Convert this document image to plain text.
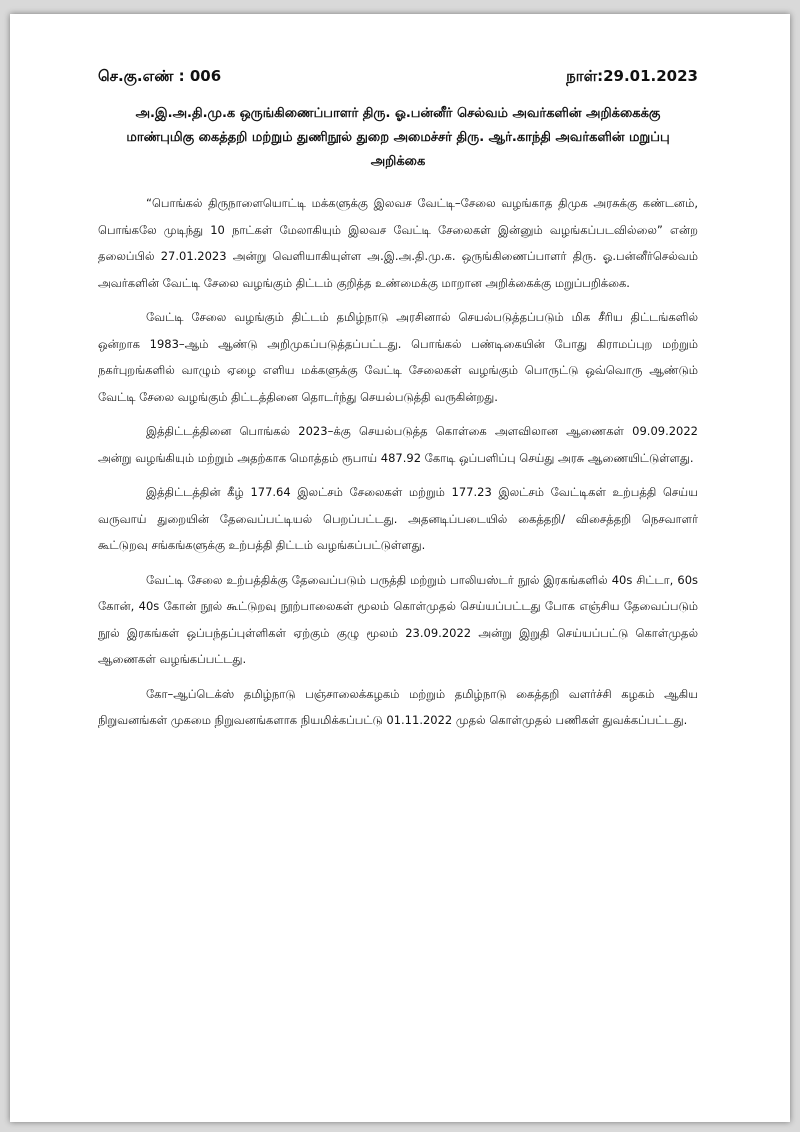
செ.கு.எண் : 006	நாள்:29.01.2023
அ.இ.அ.தி.மு.க ஒருங்கிணைப்பாளர் திரு. ஓ.பன்னீர் செல்வம் அவர்களின் அறிக்கைக்கு மாண்புமிகு கைத்தறி மற்றும் துணிநூல் துறை அமைச்சர் திரு. ஆர்.காந்தி அவர்களின் மறுப்பு அறிக்கை

“பொங்கல் திருநாளையொட்டி மக்களுக்கு இலவச வேட்டி–சேலை வழங்காத திமுக அரசுக்கு கண்டனம், பொங்கலே முடிந்து 10 நாட்கள் மேலாகியும் இலவச வேட்டி சேலைகள் இன்னும் வழங்கப்படவில்லை” என்ற தலைப்பில் 27.01.2023 அன்று வெளியாகியுள்ள அ.இ.அ.தி.மு.க. ஒருங்கிணைப்பாளர் திரு. ஓ.பன்னீர்செல்வம் அவர்களின் வேட்டி சேலை வழங்கும் திட்டம் குறித்த உண்மைக்கு மாறான அறிக்கைக்கு மறுப்பறிக்கை.

வேட்டி சேலை வழங்கும் திட்டம் தமிழ்நாடு அரசினால் செயல்படுத்தப்படும் மிக சீரிய திட்டங்களில் ஒன்றாக 1983–ஆம் ஆண்டு அறிமுகப்படுத்தப்பட்டது. பொங்கல் பண்டிகையின் போது கிராமப்புற மற்றும் நகர்புறங்களில் வாழும் ஏழை எளிய மக்களுக்கு வேட்டி சேலைகள் வழங்கும் பொருட்டு ஒவ்வொரு ஆண்டும் வேட்டி சேலை வழங்கும் திட்டத்தினை தொடர்ந்து செயல்படுத்தி வருகின்றது.

இத்திட்டத்தினை பொங்கல் 2023–க்கு செயல்படுத்த கொள்கை அளவிலான ஆணைகள் 09.09.2022 அன்று வழங்கியும் மற்றும் அதற்காக மொத்தம் ரூபாய் 487.92 கோடி ஒப்பளிப்பு செய்து அரசு ஆணையிட்டுள்ளது.

இத்திட்டத்தின் கீழ் 177.64 இலட்சம் சேலைகள் மற்றும் 177.23 இலட்சம் வேட்டிகள் உற்பத்தி செய்ய வருவாய் துறையின் தேவைப்பட்டியல் பெறப்பட்டது. அதனடிப்படையில் கைத்தறி/ விசைத்தறி நெசவாளர் கூட்டுறவு சங்கங்களுக்கு உற்பத்தி திட்டம் வழங்கப்பட்டுள்ளது.

வேட்டி சேலை உற்பத்திக்கு தேவைப்படும் பருத்தி மற்றும் பாலியஸ்டர் நூல் இரகங்களில் 40s சிட்டா, 60s கோன், 40s கோன் நூல் கூட்டுறவு நூற்பாலைகள் மூலம் கொள்முதல் செய்யப்பட்டது போக எஞ்சிய தேவைப்படும் நூல் இரகங்கள் ஒப்பந்தப்புள்ளிகள் ஏற்கும் குழு மூலம் 23.09.2022 அன்று இறுதி செய்யப்பட்டு கொள்முதல் ஆணைகள் வழங்கப்பட்டது.

கோ–ஆப்டெக்ஸ் தமிழ்நாடு பஞ்சாலைக்கழகம் மற்றும் தமிழ்நாடு கைத்தறி வளர்ச்சி கழகம் ஆகிய நிறுவனங்கள் முகமை நிறுவனங்களாக நியமிக்கப்பட்டு 01.11.2022 முதல் கொள்முதல் பணிகள் துவக்கப்பட்டது.
